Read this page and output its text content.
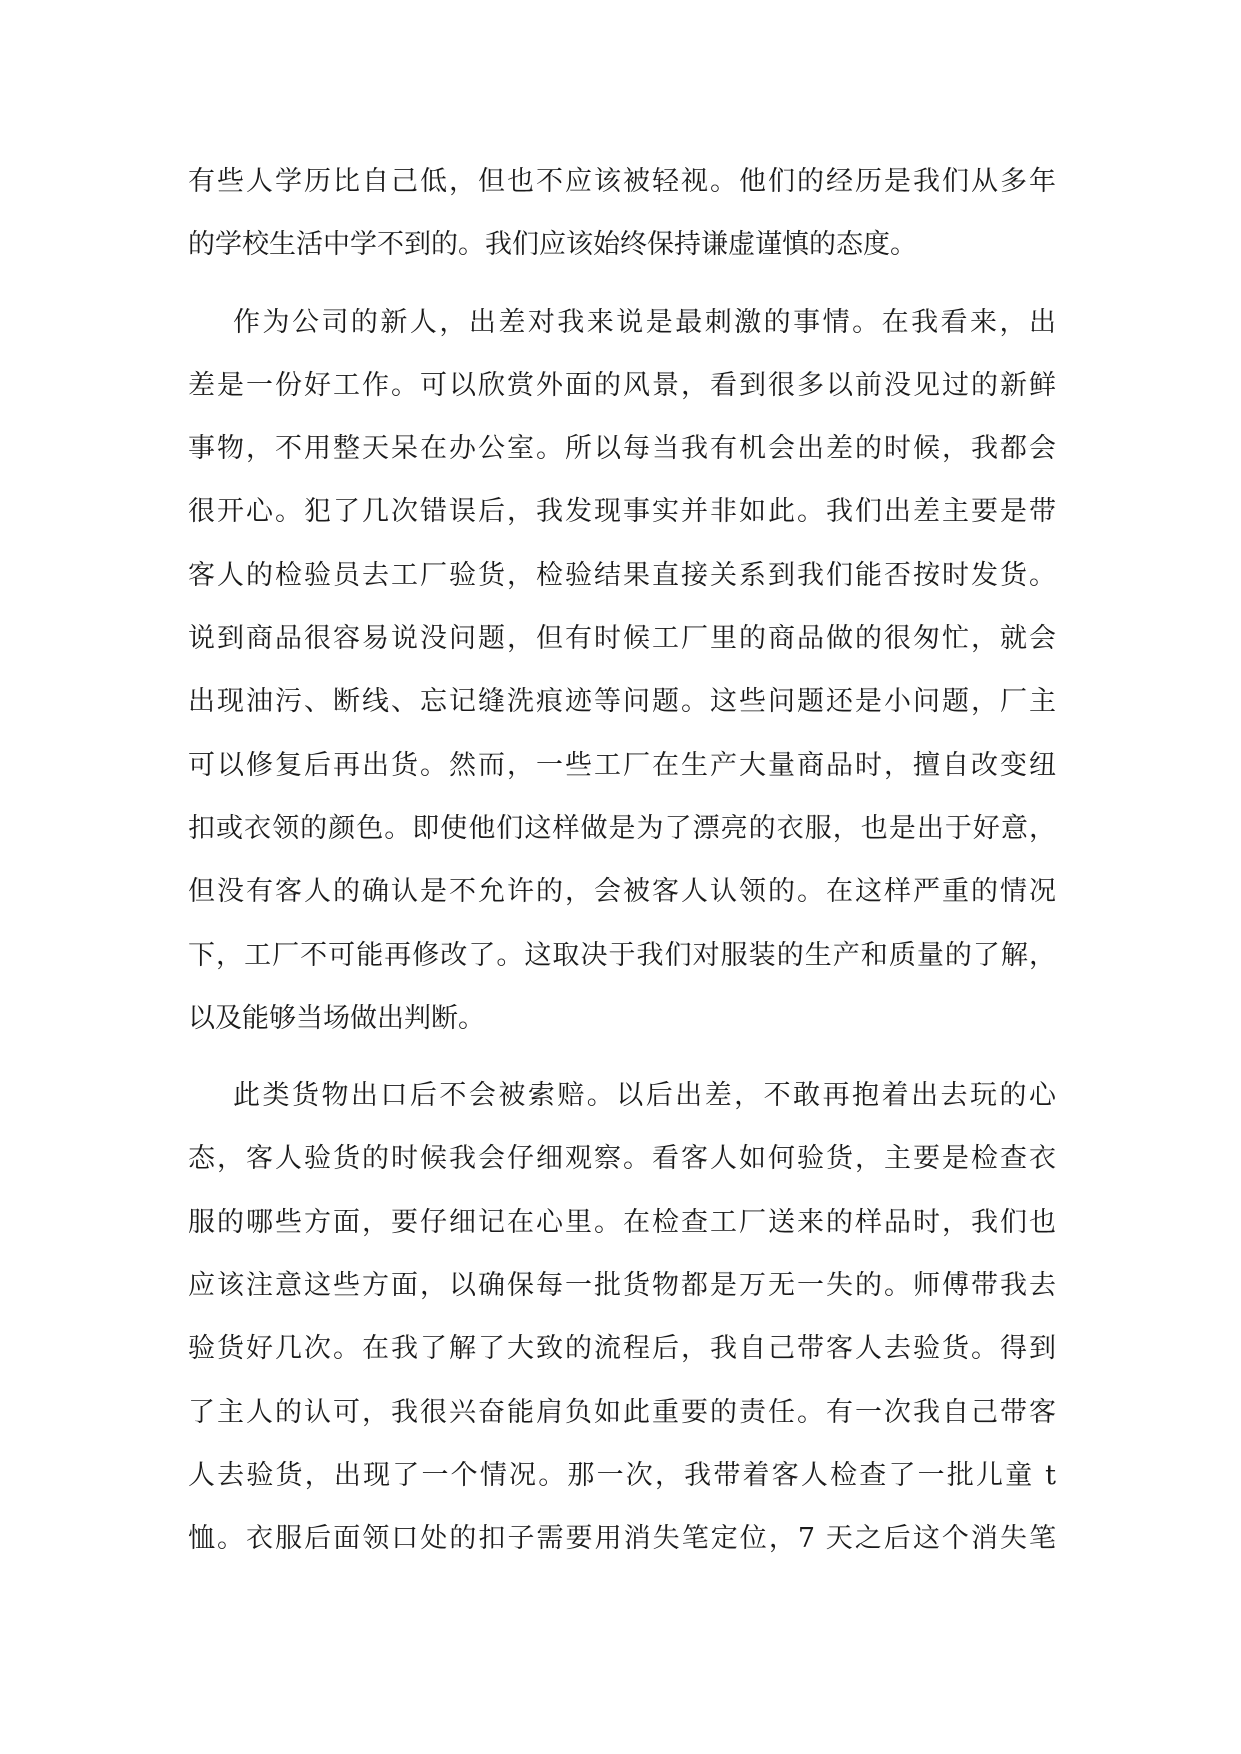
有些人学历比自己低，但也不应该被轻视。他们的经历是我们从多年
的学校生活中学不到的。我们应该始终保持谦虚谨慎的态度。
作为公司的新人，出差对我来说是最刺激的事情。在我看来，出
差是一份好工作。可以欣赏外面的风景，看到很多以前没见过的新鲜
事物，不用整天呆在办公室。所以每当我有机会出差的时候，我都会
很开心。犯了几次错误后，我发现事实并非如此。我们出差主要是带
客人的检验员去工厂验货，检验结果直接关系到我们能否按时发货。
说到商品很容易说没问题，但有时候工厂里的商品做的很匆忙，就会
出现油污、断线、忘记缝洗痕迹等问题。这些问题还是小问题，厂主
可以修复后再出货。然而，一些工厂在生产大量商品时，擅自改变纽
扣或衣领的颜色。即使他们这样做是为了漂亮的衣服，也是出于好意，
但没有客人的确认是不允许的，会被客人认领的。在这样严重的情况
下，工厂不可能再修改了。这取决于我们对服装的生产和质量的了解，
以及能够当场做出判断。
此类货物出口后不会被索赔。以后出差，不敢再抱着出去玩的心
态，客人验货的时候我会仔细观察。看客人如何验货，主要是检查衣
服的哪些方面，要仔细记在心里。在检查工厂送来的样品时，我们也
应该注意这些方面，以确保每一批货物都是万无一失的。师傅带我去
验货好几次。在我了解了大致的流程后，我自己带客人去验货。得到
了主人的认可，我很兴奋能肩负如此重要的责任。有一次我自己带客
人去验货，出现了一个情况。那一次，我带着客人检查了一批儿童 t
恤。衣服后面领口处的扣子需要用消失笔定位，7 天之后这个消失笔
